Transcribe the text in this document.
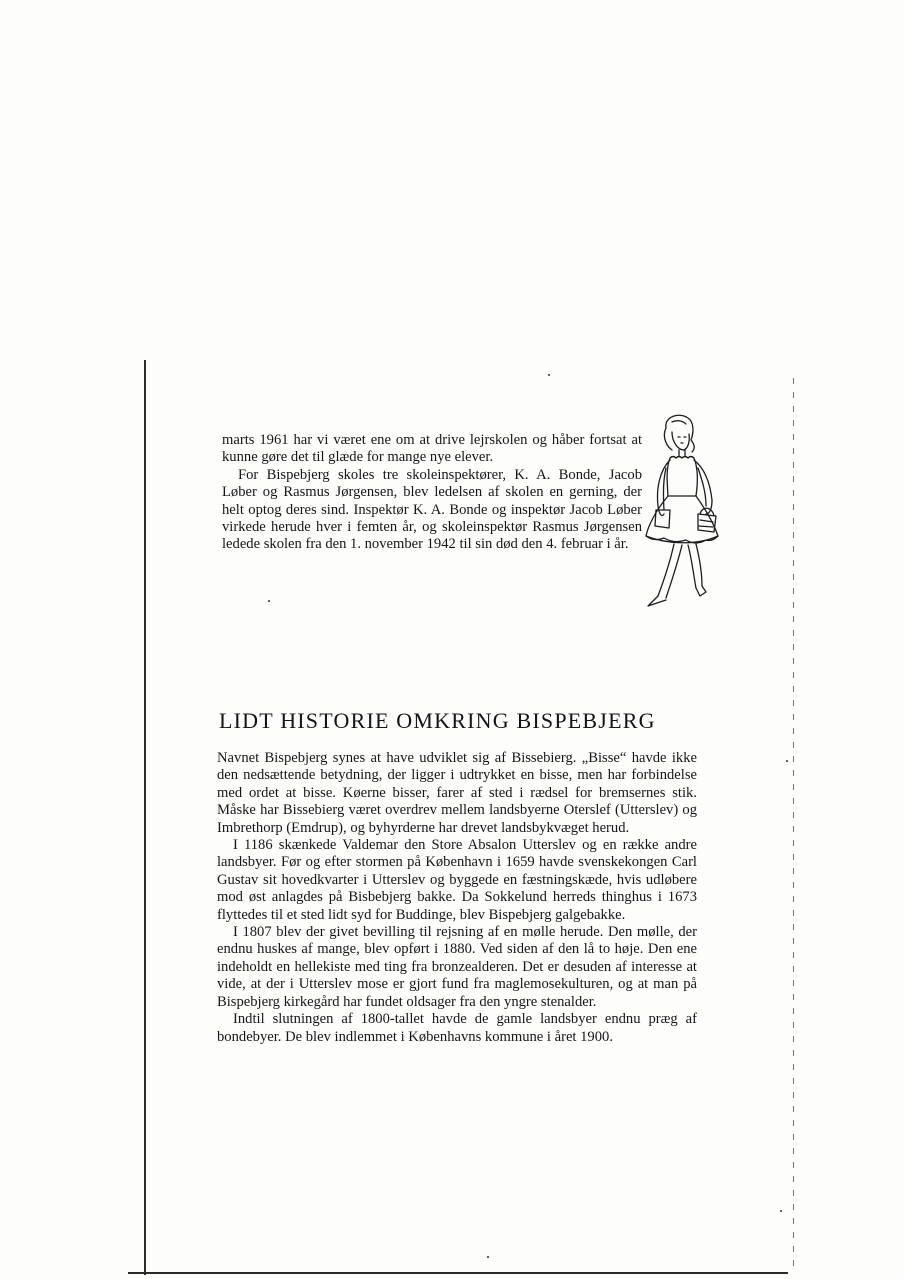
marts 1961 har vi været ene om at drive lejrskolen og håber fortsat at kunne gøre det til glæde for mange nye elever.

For Bispebjerg skoles tre skoleinspektører, K. A. Bonde, Jacob Løber og Rasmus Jørgensen, blev ledelsen af skolen en gerning, der helt optog deres sind. Inspektør K. A. Bonde og inspektør Jacob Løber virkede herude hver i femten år, og skoleinspektør Rasmus Jørgensen ledede skolen fra den 1. november 1942 til sin død den 4. februar i år.

LIDT HISTORIE OMKRING BISPEBJERG

Navnet Bispebjerg synes at have udviklet sig af Bissebierg. „Bisse“ havde ikke den nedsættende betydning, der ligger i udtrykket en bisse, men har forbindelse med ordet at bisse. Køerne bisser, farer af sted i rædsel for bremsernes stik. Måske har Bissebierg været overdrev mellem landsbyerne Oterslef (Utterslev) og Imbrethorp (Emdrup), og byhyrderne har drevet landsbykvæget herud.

I 1186 skænkede Valdemar den Store Absalon Utterslev og en række andre landsbyer. Før og efter stormen på København i 1659 havde svenskekongen Carl Gustav sit hovedkvarter i Utterslev og byggede en fæstningskæde, hvis udløbere mod øst anlagdes på Bisbebjerg bakke. Da Sokkelund herreds thinghus i 1673 flyttedes til et sted lidt syd for Buddinge, blev Bispebjerg galgebakke.

I 1807 blev der givet bevilling til rejsning af en mølle herude. Den mølle, der endnu huskes af mange, blev opført i 1880. Ved siden af den lå to høje. Den ene indeholdt en hellekiste med ting fra bronzealderen. Det er desuden af interesse at vide, at der i Utterslev mose er gjort fund fra maglemosekulturen, og at man på Bispebjerg kirkegård har fundet oldsager fra den yngre stenalder.

Indtil slutningen af 1800-tallet havde de gamle landsbyer endnu præg af bondebyer. De blev indlemmet i Københavns kommune i året 1900.
